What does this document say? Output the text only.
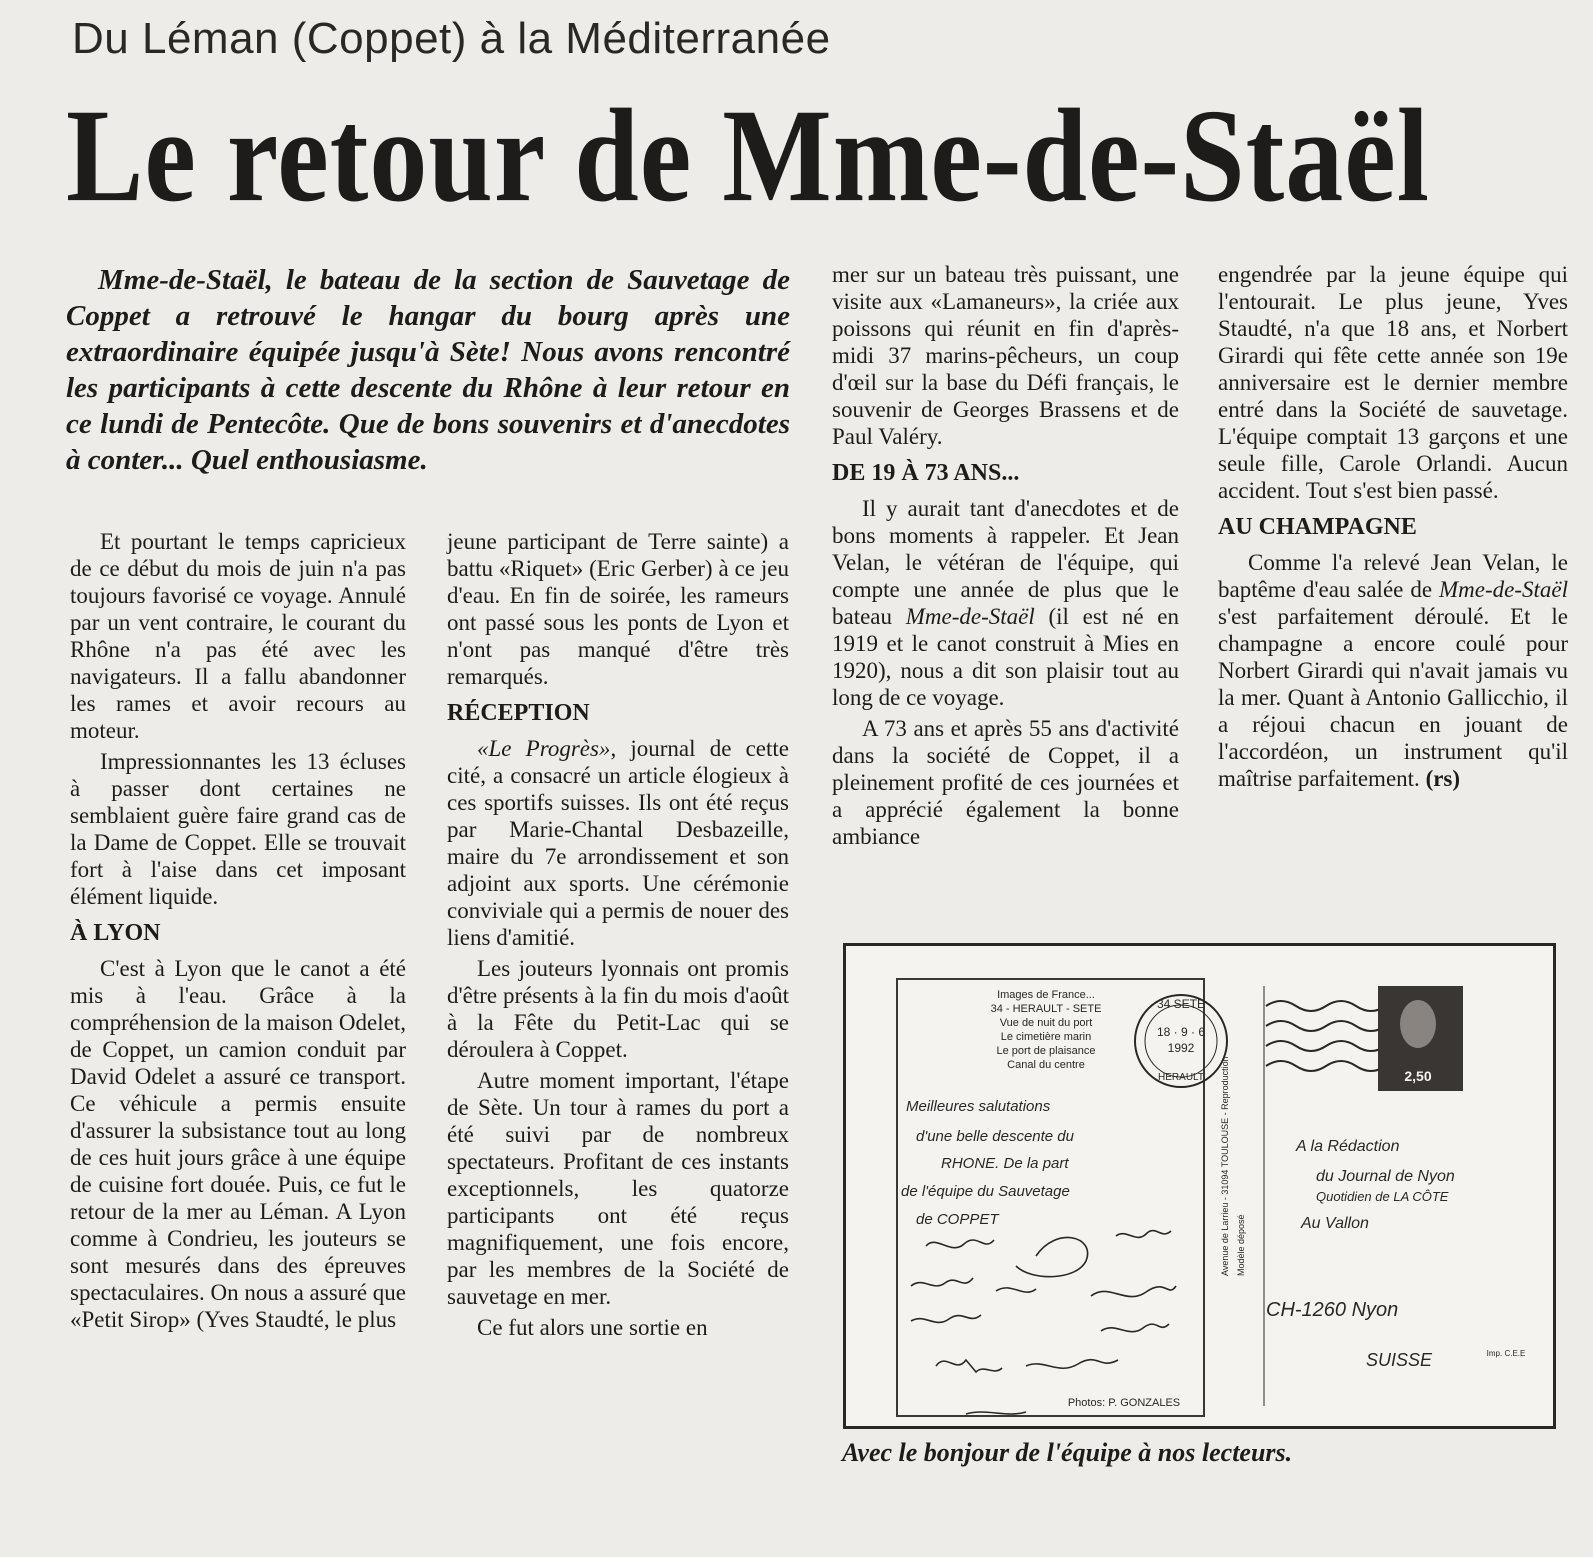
Du Léman (Coppet) à la Méditerranée
Le retour de Mme-de-Staël

Mme-de-Staël, le bateau de la section de Sauvetage de Coppet a retrouvé le hangar du bourg après une extraordinaire équipée jusqu'à Sète! Nous avons rencontré les participants à cette descente du Rhône à leur retour en ce lundi de Pentecôte. Que de bons souvenirs et d'anecdotes à conter... Quel enthousiasme.

Et pourtant le temps capricieux de ce début du mois de juin n'a pas toujours favorisé ce voyage. Annulé par un vent contraire, le courant du Rhône n'a pas été avec les navigateurs. Il a fallu abandonner les rames et avoir recours au moteur.

Impressionnantes les 13 écluses à passer dont certaines ne semblaient guère faire grand cas de la Dame de Coppet. Elle se trouvait fort à l'aise dans cet imposant élément liquide.

À LYON

C'est à Lyon que le canot a été mis à l'eau. Grâce à la compréhension de la maison Odelet, de Coppet, un camion conduit par David Odelet a assuré ce transport. Ce véhicule a permis ensuite d'assurer la subsistance tout au long de ces huit jours grâce à une équipe de cuisine fort douée. Puis, ce fut le retour de la mer au Léman. A Lyon comme à Condrieu, les jouteurs se sont mesurés dans des épreuves spectaculaires. On nous a assuré que «Petit Sirop» (Yves Staudté, le plus

jeune participant de Terre sainte) a battu «Riquet» (Eric Gerber) à ce jeu d'eau. En fin de soirée, les rameurs ont passé sous les ponts de Lyon et n'ont pas manqué d'être très remarqués.

RÉCEPTION

«Le Progrès», journal de cette cité, a consacré un article élogieux à ces sportifs suisses. Ils ont été reçus par Marie-Chantal Desbazeille, maire du 7e arrondissement et son adjoint aux sports. Une cérémonie conviviale qui a permis de nouer des liens d'amitié.

Les jouteurs lyonnais ont promis d'être présents à la fin du mois d'août à la Fête du Petit-Lac qui se déroulera à Coppet.

Autre moment important, l'étape de Sète. Un tour à rames du port a été suivi par de nombreux spectateurs. Profitant de ces instants exceptionnels, les quatorze participants ont été reçus magnifiquement, une fois encore, par les membres de la Société de sauvetage en mer.

Ce fut alors une sortie en

mer sur un bateau très puissant, une visite aux «Lamaneurs», la criée aux poissons qui réunit en fin d'après-midi 37 marins-pêcheurs, un coup d'œil sur la base du Défi français, le souvenir de Georges Brassens et de Paul Valéry.

DE 19 À 73 ANS...

Il y aurait tant d'anecdotes et de bons moments à rappeler. Et Jean Velan, le vétéran de l'équipe, qui compte une année de plus que le bateau Mme-de-Staël (il est né en 1919 et le canot construit à Mies en 1920), nous a dit son plaisir tout au long de ce voyage.

A 73 ans et après 55 ans d'activité dans la société de Coppet, il a pleinement profité de ces journées et a apprécié également la bonne ambiance

engendrée par la jeune équipe qui l'entourait. Le plus jeune, Yves Staudté, n'a que 18 ans, et Norbert Girardi qui fête cette année son 19e anniversaire est le dernier membre entré dans la Société de sauvetage. L'équipe comptait 13 garçons et une seule fille, Carole Orlandi. Aucun accident. Tout s'est bien passé.

AU CHAMPAGNE

Comme l'a relevé Jean Velan, le baptême d'eau salée de Mme-de-Staël s'est parfaitement déroulé. Et le champagne a encore coulé pour Norbert Girardi qui n'avait jamais vu la mer. Quant à Antonio Gallicchio, il a réjoui chacun en jouant de l'accordéon, un instrument qu'il maîtrise parfaitement. (rs)

Images de France...
34 - HERAULT - SETE
Vue de nuit du port
Le cimetière marin
Le port de plaisance
Canal du centre
Photos: P. GONZALES
Avenue de Larrieu - 31094 TOULOUSE - Reproduction Modèle déposé
34 SETE
18 · 9 · 6
1992
HERAULT	2,50
Meilleures salutations
d'une belle descente du
RHONE. De la part
de l'équipe du Sauvetage
de COPPET
A la Rédaction
du Journal de Nyon
Quotidien de LA CÔTE
Au Vallon
CH-1260 Nyon
SUISSE	Imp. C.E.E
Avec le bonjour de l'équipe à nos lecteurs.
